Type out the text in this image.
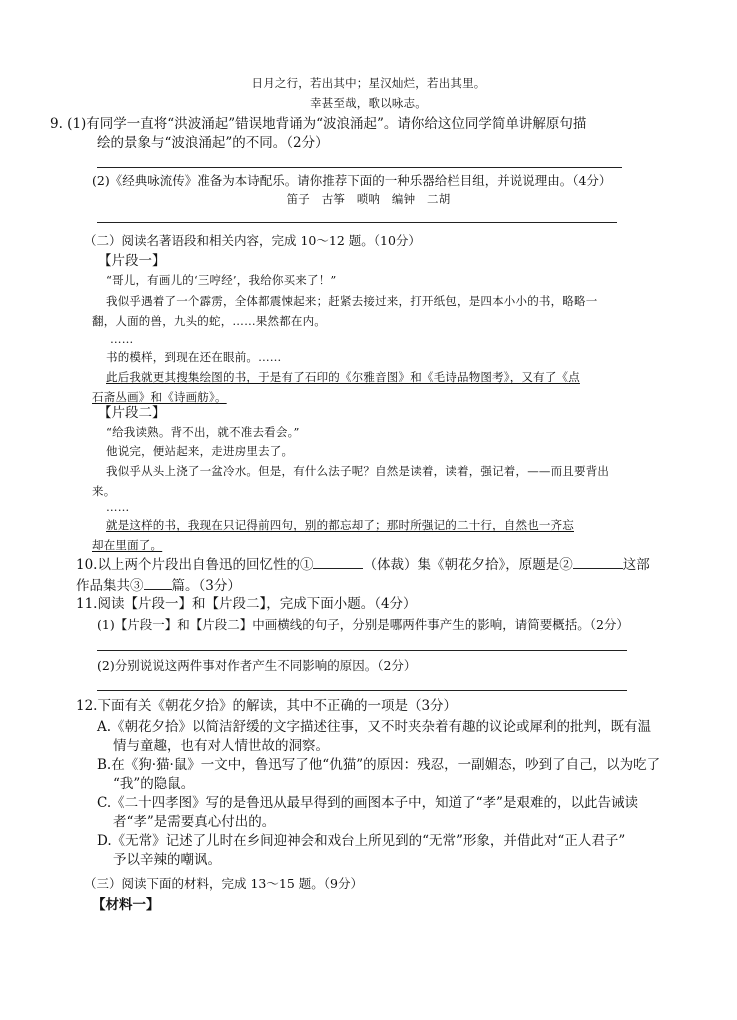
日月之行，若出其中；星汉灿烂，若出其里。
幸甚至哉，歌以咏志。
9. (1)有同学一直将“洪波涌起”错误地背诵为“波浪涌起”。请你给这位同学简单讲解原句描
绘的景象与“波浪涌起”的不同。（2分）
(2)《经典咏流传》准备为本诗配乐。请你推荐下面的一种乐器给栏目组，并说说理由。（4分）
笛子　古筝　唢呐　编钟　二胡
（二）阅读名著语段和相关内容，完成 10～12 题。（10分）
【片段一】
“哥儿，有画儿的‘三哼经’，我给你买来了！”
我似乎遇着了一个霹雳，全体都震悚起来；赶紧去接过来，打开纸包，是四本小小的书，略略一
翻，人面的兽，九头的蛇，……果然都在内。
……
书的模样，到现在还在眼前。……
此后我就更其搜集绘图的书，于是有了石印的《尔雅音图》和《毛诗品物图考》，又有了《点
石斋丛画》和《诗画舫》。
【片段二】
“给我读熟。背不出，就不准去看会。”
他说完，便站起来，走进房里去了。
我似乎从头上浇了一盆冷水。但是，有什么法子呢？自然是读着，读着，强记着，——而且要背出
来。
……
就是这样的书，我现在只记得前四句，别的都忘却了；那时所强记的二十行，自然也一齐忘
却在里面了。
10.以上两个片段出自鲁迅的回忆性的①	（体裁）集《朝花夕拾》，原题是②	这部
作品集共③ 篇。（3分）
11.阅读【片段一】和【片段二】，完成下面小题。（4分）
(1)【片段一】和【片段二】中画横线的句子，分别是哪两件事产生的影响，请简要概括。（2分）
(2)分别说说这两件事对作者产生不同影响的原因。（2分）
12.下面有关《朝花夕拾》的解读，其中不正确的一项是（3分）
A.《朝花夕拾》以简洁舒缓的文字描述往事，又不时夹杂着有趣的议论或犀利的批判，既有温
情与童趣，也有对人情世故的洞察。
B.在《狗·猫·鼠》一文中，鲁迅写了他“仇猫”的原因：残忍，一副媚态，吵到了自己，以为吃了
“我”的隐鼠。
C.《二十四孝图》写的是鲁迅从最早得到的画图本子中，知道了“孝”是艰难的，以此告诫读
者“孝”是需要真心付出的。
D.《无常》记述了儿时在乡间迎神会和戏台上所见到的“无常”形象，并借此对“正人君子”
予以辛辣的嘲讽。
（三）阅读下面的材料，完成 13～15 题。（9分）
【材料一】
